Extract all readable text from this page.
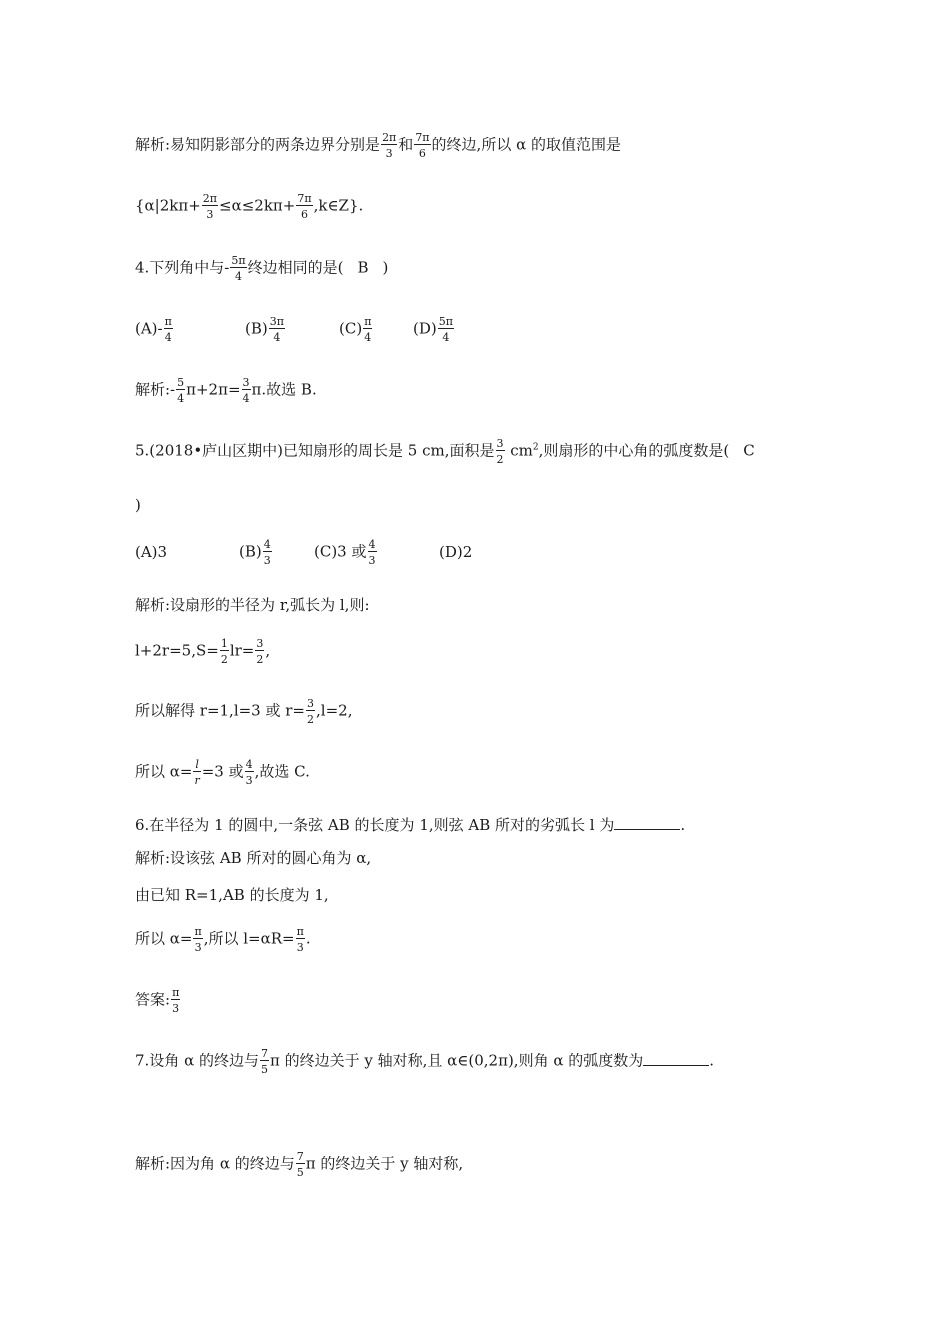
解析:易知阴影部分的两条边界分别是 $\frac{2\pi}{3}$ 和 $\frac{7\pi}{6}$ 的终边,所以 α 的取值范围是
{$\alpha|2k\pi+ \frac{2\pi}{3} \le\alpha\le 2k\pi+ \frac{7\pi}{6}$ ,k∈Z}.
4.下列角中与- $\frac{5\pi}{4}$ 终边相同的是( B )
$(A)- \frac{\pi}{4}$	$(B) \frac{3\pi}{4}$	$(C) \frac{\pi}{4}$	$(D) \frac{5\pi}{4}$
解析:- $\frac{5}{4} \pi+2\pi= \frac{3}{4} \pi$.故选 B.
5.(2018•庐山区期中)已知扇形的周长是 5 cm,面积是 $\frac{3}{2} cm^2$,则扇形的中心角的弧度数是( C
)
(A)3	$(B) \frac{4}{3}$	(C)3 或 $\frac{4}{3}$	(D)2
解析:设扇形的半径为 r,弧长为 l,则:
$l+2r=5,S= \frac{1}{2} lr= \frac{3}{2}$ ,
所以解得 r=1,l=3 或 $r= \frac{3}{2} ,l=2$,
所以 $\alpha= \frac{l}{r} =3$ 或 $\frac{4}{3}$ ,故选 C.
6.在半径为 1 的圆中,一条弦 AB 的长度为 1,则弦 AB 所对的劣弧长 l 为	.
解析:设该弦 AB 所对的圆心角为 α,
由已知 R=1,AB 的长度为 1,
所以 $\alpha= \frac{\pi}{3}$ ,所以 $l=\alpha R= \frac{\pi}{3}$ .
答案: $\frac{\pi}{3}$
7.设角 α 的终边与 $\frac{7}{5}$ π 的终边关于 y 轴对称,且 α∈(0,2π),则角 α 的弧度数为	.
解析:因为角 α 的终边与 $\frac{7}{5}$ π 的终边关于 y 轴对称,
